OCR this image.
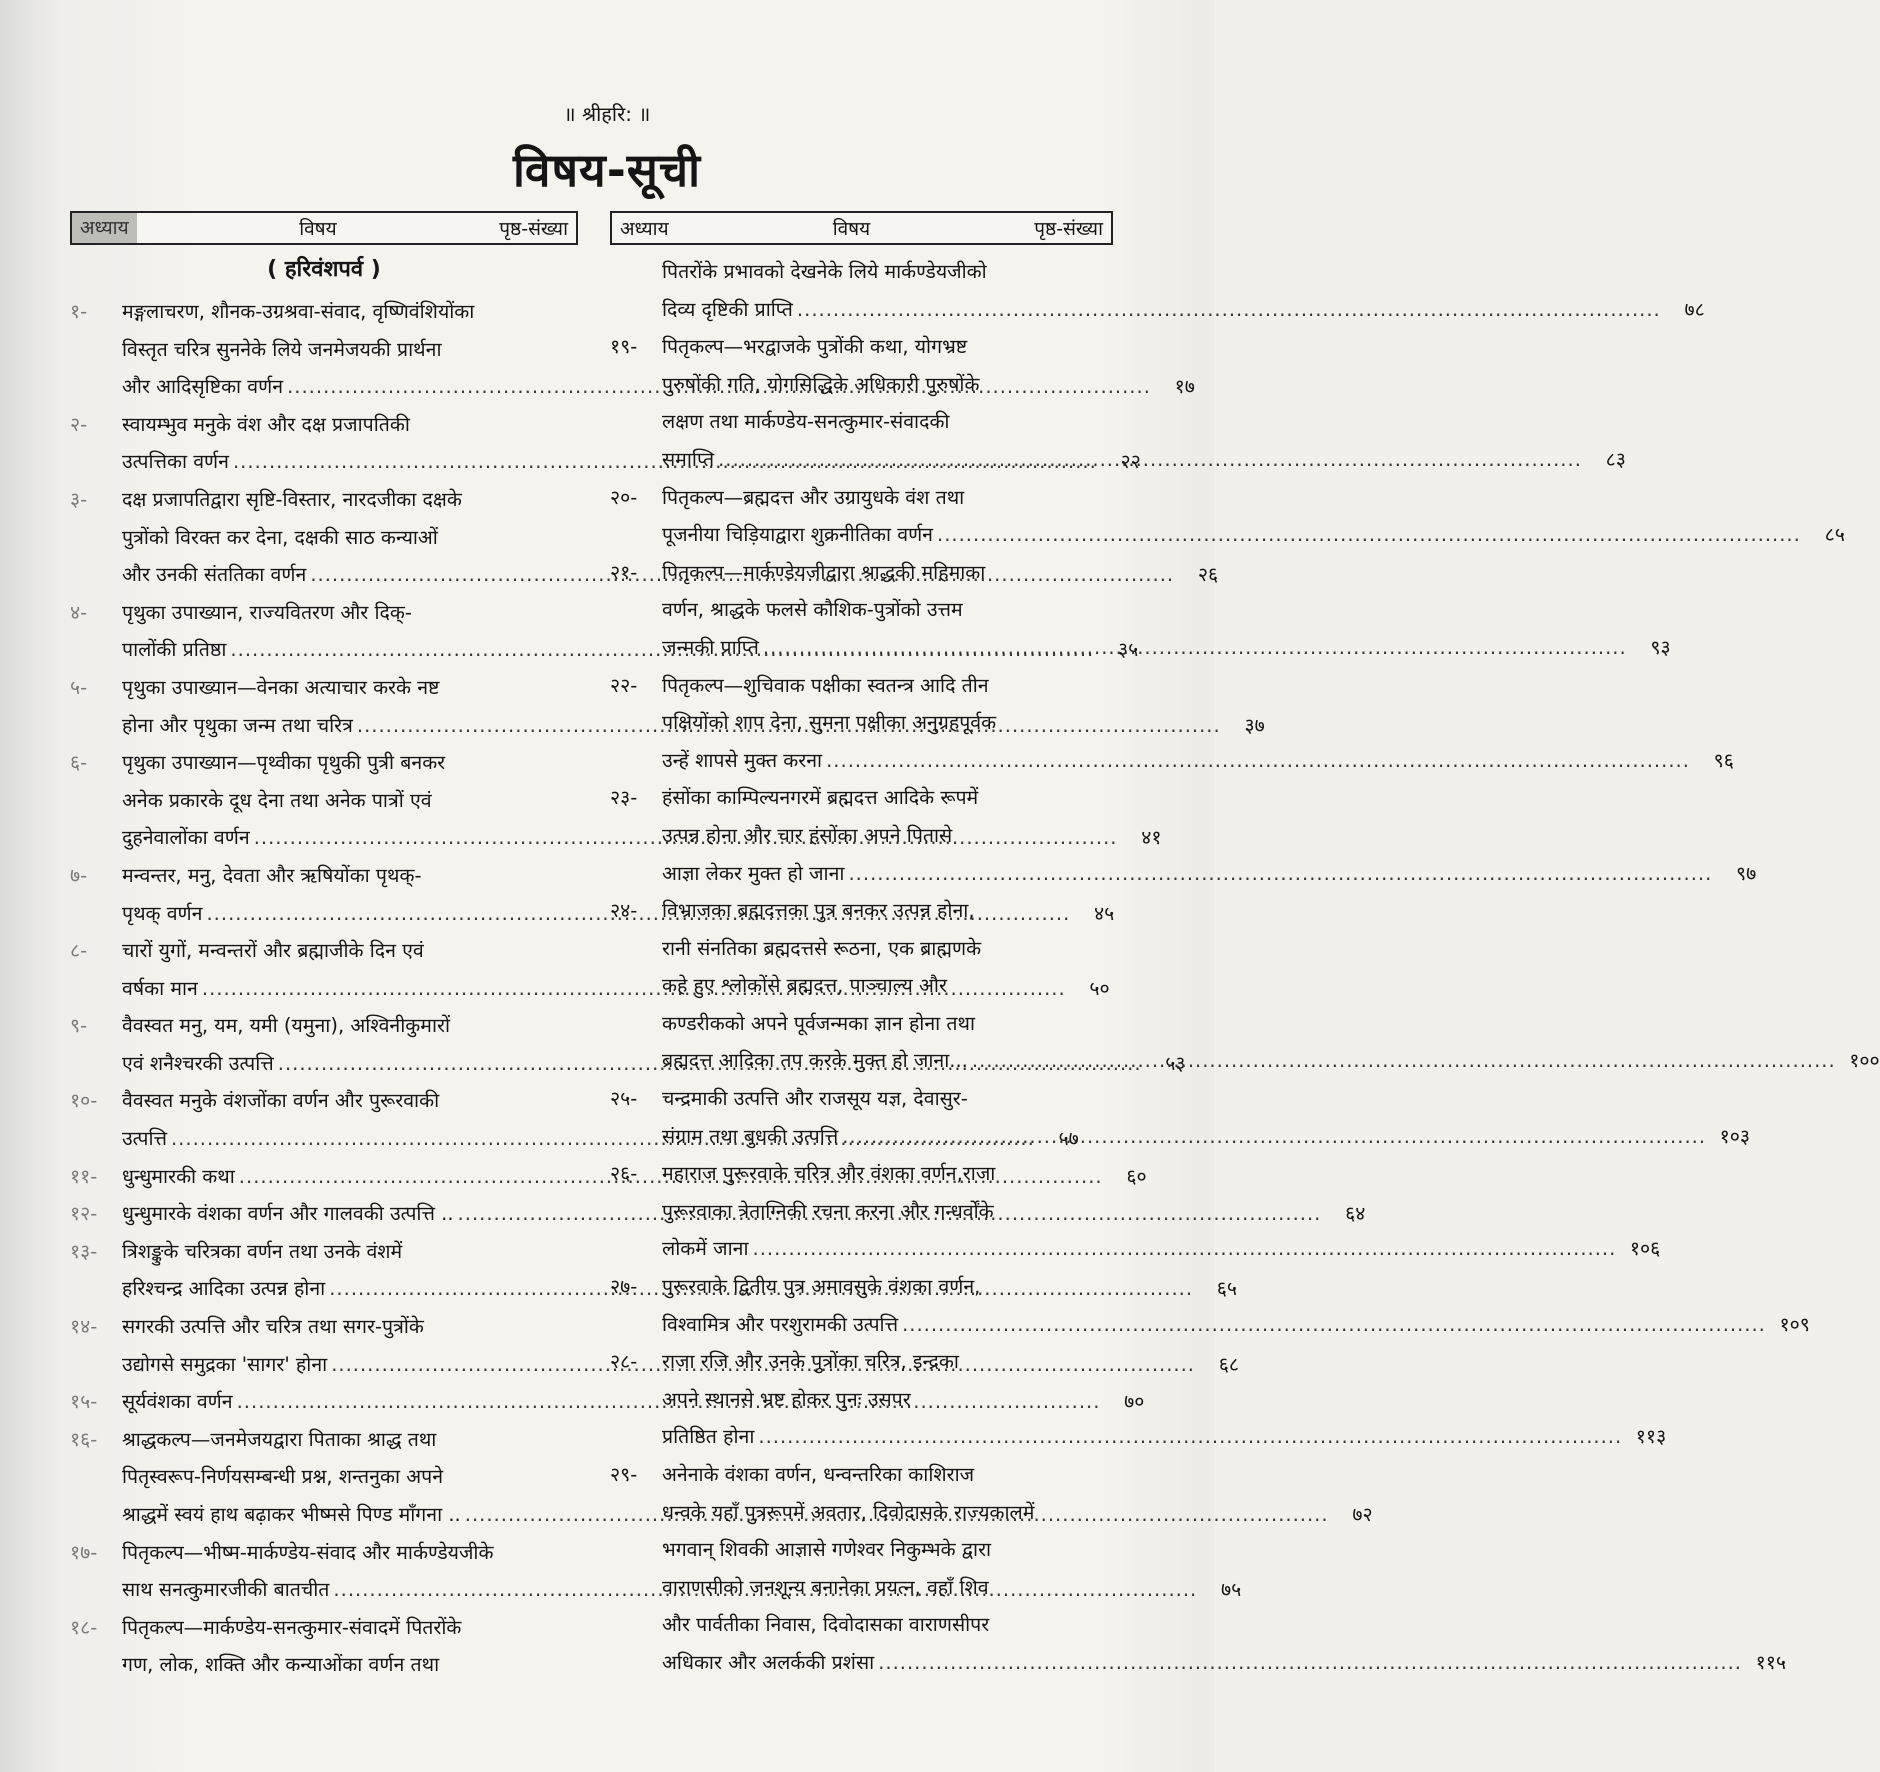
॥ श्रीहरि: ॥
विषय-सूची
अध्याय	विषय	पृष्ठ-संख्या
( हरिवंशपर्व )
१-	मङ्गलाचरण, शौनक-उग्रश्रवा-संवाद, वृष्णिवंशियोंका
विस्तृत चरित्र सुननेके लिये जनमेजयकी प्रार्थना
और आदिसृष्टिका वर्णन .....	१७
२-	स्वायम्भुव मनुके वंश और दक्ष प्रजापतिकी
उत्पत्तिका वर्णन .....	२२
३-	दक्ष प्रजापतिद्वारा सृष्टि-विस्तार, नारदजीका दक्षके
पुत्रोंको विरक्त कर देना, दक्षकी साठ कन्याओं
और उनकी संततिका वर्णन .....	२६
४-	पृथुका उपाख्यान, राज्यवितरण और दिक्-
पालोंकी प्रतिष्ठा .....	३५
५-	पृथुका उपाख्यान—वेनका अत्याचार करके नष्ट
होना और पृथुका जन्म तथा चरित्र .....	३७
६-	पृथुका उपाख्यान—पृथ्वीका पृथुकी पुत्री बनकर
अनेक प्रकारके दूध देना तथा अनेक पात्रों एवं
दुहनेवालोंका वर्णन .....	४१
७-	मन्वन्तर, मनु, देवता और ऋषियोंका पृथक्-
पृथक् वर्णन .....	४५
८-	चारों युगों, मन्वन्तरों और ब्रह्माजीके दिन एवं
वर्षका मान .....	५०
९-	वैवस्वत मनु, यम, यमी (यमुना), अश्विनीकुमारों
एवं शनैश्चरकी उत्पत्ति .....	५३
१०-	वैवस्वत मनुके वंशजोंका वर्णन और पुरूरवाकी
उत्पत्ति .....	५७
११-	धुन्धुमारकी कथा .....	६०
१२-	धुन्धुमारके वंशका वर्णन और गालवकी उत्पत्ति .. .....	६४
१३-	त्रिशङ्कुके चरित्रका वर्णन तथा उनके वंशमें
हरिश्चन्द्र आदिका उत्पन्न होना .....	६५
१४-	सगरकी उत्पत्ति और चरित्र तथा सगर-पुत्रोंके
उद्योगसे समुद्रका 'सागर' होना .....	६८
१५-	सूर्यवंशका वर्णन .....	७०
१६-	श्राद्धकल्प—जनमेजयद्वारा पिताका श्राद्ध तथा
पितृस्वरूप-निर्णयसम्बन्धी प्रश्न, शन्तनुका अपने
श्राद्धमें स्वयं हाथ बढ़ाकर भीष्मसे पिण्ड माँगना .. .....	७२
१७-	पितृकल्प—भीष्म-मार्कण्डेय-संवाद और मार्कण्डेयजीके
साथ सनत्कुमारजीकी बातचीत .....	७५
१८-	पितृकल्प—मार्कण्डेय-सनत्कुमार-संवादमें पितरोंके
गण, लोक, शक्ति और कन्याओंका वर्णन तथा
अध्याय	विषय	पृष्ठ-संख्या
पितरोंके प्रभावको देखनेके लिये मार्कण्डेयजीको
दिव्य दृष्टिकी प्राप्ति .....	७८
१९-	पितृकल्प—भरद्वाजके पुत्रोंकी कथा, योगभ्रष्ट
पुरुषोंकी गति, योगसिद्धिके अधिकारी पुरुषोंके
लक्षण तथा मार्कण्डेय-सनत्कुमार-संवादकी
समाप्ति .....	८३
२०-	पितृकल्प—ब्रह्मदत्त और उग्रायुधके वंश तथा
पूजनीया चिड़ियाद्वारा शुक्रनीतिका वर्णन .....	८५
२१-	पितृकल्प—मार्कण्डेयजीद्वारा श्राद्धकी महिमाका
वर्णन, श्राद्धके फलसे कौशिक-पुत्रोंको उत्तम
जन्मकी प्राप्ति .....	९३
२२-	पितृकल्प—शुचिवाक पक्षीका स्वतन्त्र आदि तीन
पक्षियोंको शाप देना, सुमना पक्षीका अनुग्रहपूर्वक
उन्हें शापसे मुक्त करना .....	९६
२३-	हंसोंका काम्पिल्यनगरमें ब्रह्मदत्त आदिके रूपमें
उत्पन्न होना और चार हंसोंका अपने पितासे
आज्ञा लेकर मुक्त हो जाना .....	९७
२४-	विभ्राजका ब्रह्मदत्तका पुत्र बनकर उत्पन्न होना,
रानी संनतिका ब्रह्मदत्तसे रूठना, एक ब्राह्मणके
कहे हुए श्लोकोंसे ब्रह्मदत्त, पाञ्चाल्य और
कण्डरीकको अपने पूर्वजन्मका ज्ञान होना तथा
ब्रह्मदत्त आदिका तप करके मुक्त हो जाना... .....	१००
२५-	चन्द्रमाकी उत्पत्ति और राजसूय यज्ञ, देवासुर-
संग्राम तथा बुधकी उत्पत्ति .....	१०३
२६-	महाराज पुरूरवाके चरित्र और वंशका वर्णन,राजा
पुरूरवाका त्रेताग्निकी रचना करना और गन्धर्वोंके
लोकमें जाना .....	१०६
२७-	पुरूरवाके द्वितीय पुत्र अमावसुके वंशका वर्णन,
विश्वामित्र और परशुरामकी उत्पत्ति .....	१०९
२८-	राजा रजि और उनके पुत्रोंका चरित्र, इन्द्रका
अपने स्थानसे भ्रष्ट होकर पुनः उसपर
प्रतिष्ठित होना .....	११३
२९-	अनेनाके वंशका वर्णन, धन्वन्तरिका काशिराज
धन्वके यहाँ पुत्ररूपमें अवतार, दिवोदासके राज्यकालमें
भगवान् शिवकी आज्ञासे गणेश्वर निकुम्भके द्वारा
वाराणसीको जनशून्य बनानेका प्रयत्न, वहाँ शिव
और पार्वतीका निवास, दिवोदासका वाराणसीपर
अधिकार और अलर्ककी प्रशंसा .....	११५
